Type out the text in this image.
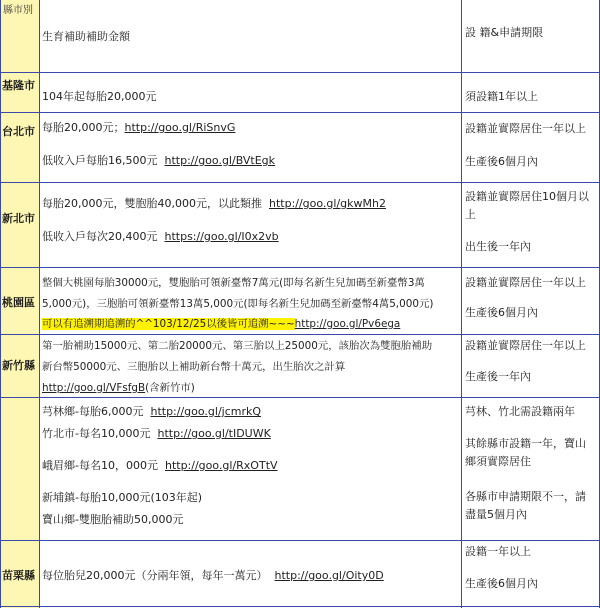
縣市別
生育補助補助金額	設 籍&申請期限
基隆市
104年起每胎20,000元	須設籍1年以上
台北市 每胎20,000元；http://goo.gl/RiSnvG
低收入戶每胎16,500元 http://goo.gl/BVtEgk
設籍並實際居住一年以上
生產後6個月內
新北市
每胎20,000元，雙胞胎40,000元，以此類推 http://goo.gl/gkwMh2
低收入戶每次20,400元 https://goo.gl/I0x2vb
設籍並實際居住10個月以
上
出生後一年內
桃園區
整個大桃園每胎30000元，雙胞胎可領新臺幣7萬元(即每名新生兒加碼至新臺幣3萬
5,000元)，三胞胎可領新臺幣13萬5,000元(即每名新生兒加碼至新臺幣4萬5,000元)
可以有追溯期追溯的^^103/12/25以後皆可追溯~~~http://goo.gl/Pv6ega
設籍並實際居住一年以上
生產後6個月內
新竹縣
第一胎補助15000元、第二胎20000元、第三胎以上25000元，該胎次為雙胞胎補助
新台幣50000元、三胞胎以上補助新台幣十萬元，出生胎次之計算
http://goo.gl/VFsfgB(含新竹市)
設籍並實際居住一年以上
生產後一年內
芎林鄉-每胎6,000元 http://goo.gl/jcmrkQ
竹北市-每名10,000元 http://goo.gl/tIDUWK
峨眉鄉-每名10，000元 http://goo.gl/RxOTtV
新埔鎮-每胎10,000元(103年起)
寶山鄉-雙胞胎補助50,000元
芎林、竹北需設籍兩年
其餘縣市設籍一年，寶山
鄉須實際居住
各縣市申請期限不一，請
盡量5個月內
苗栗縣 每位胎兒20,000元（分兩年領，每年一萬元） http://goo.gl/Oity0D
設籍一年以上
生產後6個月內
